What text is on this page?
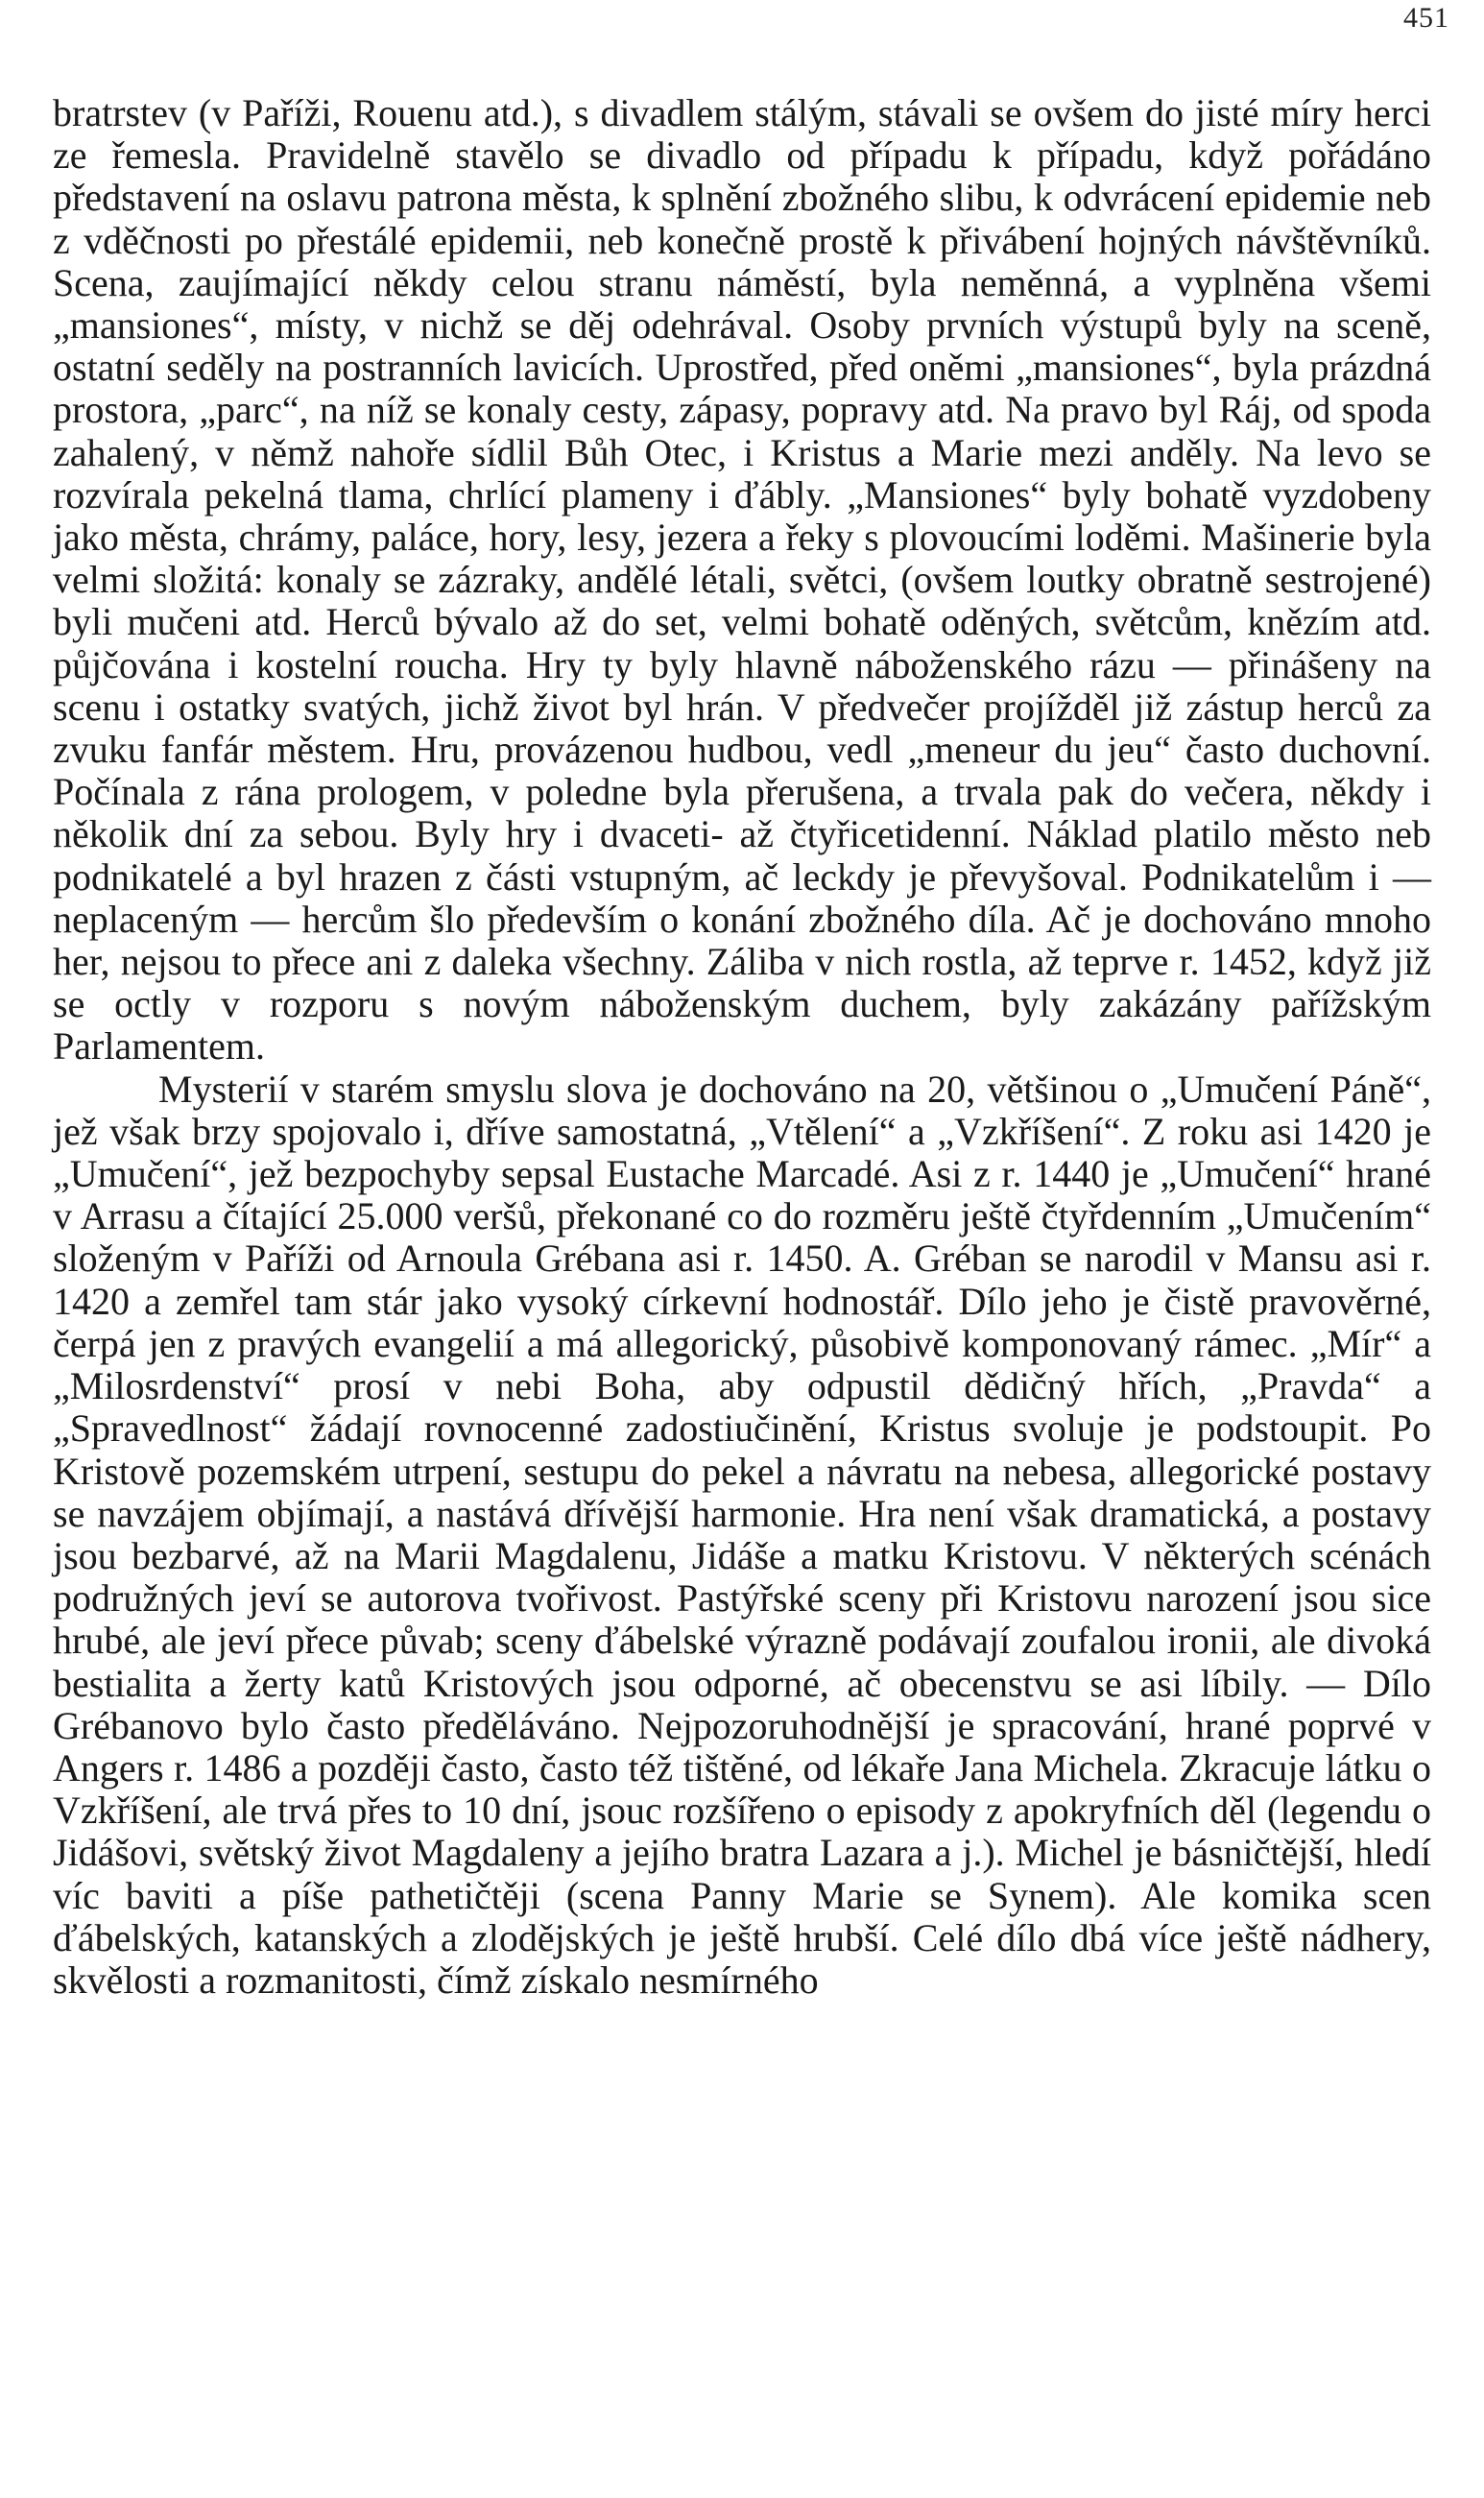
451

bratrstev (v Paříži, Rouenu atd.), s divadlem stálým, stávali se ovšem do jisté míry herci ze řemesla. Pravidelně stavělo se divadlo od případu k případu, když pořádáno představení na oslavu patrona města, k splnění zbožného slibu, k odvrácení epidemie neb z vděčnosti po přestálé epidemii, neb konečně prostě k přivábení hojných návštěvníků. Scena, zaujímající někdy celou stranu náměstí, byla neměnná, a vyplněna všemi „mansiones“, místy, v nichž se děj odehrával. Osoby prvních výstupů byly na sceně, ostatní seděly na postranních lavicích. Uprostřed, před oněmi „mansiones“, byla prázdná prostora, „parc“, na níž se konaly cesty, zápasy, popravy atd. Na pravo byl Ráj, od spoda zahalený, v němž nahoře sídlil Bůh Otec, i Kristus a Marie mezi anděly. Na levo se rozvírala pekelná tlama, chrlící plameny i ďábly. „Mansiones“ byly bohatě vyzdobeny jako města, chrámy, paláce, hory, lesy, jezera a řeky s plovoucími loděmi. Mašinerie byla velmi složitá: konaly se zázraky, andělé létali, světci, (ovšem loutky obratně sestrojené) byli mučeni atd. Herců bývalo až do set, velmi bohatě oděných, světcům, knězím atd. půjčována i kostelní roucha. Hry ty byly hlavně náboženského rázu — přinášeny na scenu i ostatky svatých, jichž život byl hrán. V předvečer projížděl již zástup herců za zvuku fanfár městem. Hru, provázenou hudbou, vedl „meneur du jeu“ často duchovní. Počínala z rána prologem, v poledne byla přerušena, a trvala pak do večera, někdy i několik dní za sebou. Byly hry i dvaceti- až čtyřicetidenní. Náklad platilo město neb podnikatelé a byl hrazen z části vstupným, ač leckdy je převyšoval. Podnikatelům i — neplaceným — hercům šlo především o konání zbožného díla. Ač je dochováno mnoho her, nejsou to přece ani z daleka všechny. Záliba v nich rostla, až teprve r. 1452, když již se octly v rozporu s novým náboženským duchem, byly zakázány pařížským Parlamentem.

Mysterií v starém smyslu slova je dochováno na 20, většinou o „Umučení Páně“, jež však brzy spojovalo i, dříve samostatná, „Vtělení“ a „Vzkříšení“. Z roku asi 1420 je „Umučení“, jež bezpochyby sepsal Eustache Marcadé. Asi z r. 1440 je „Umučení“ hrané v Arrasu a čítající 25.000 veršů, překonané co do rozměru ještě čtyřdenním „Umučením“ složeným v Paříži od Arnoula Grébana asi r. 1450. A. Gréban se narodil v Mansu asi r. 1420 a zemřel tam stár jako vysoký církevní hodnostář. Dílo jeho je čistě pravověrné, čerpá jen z pravých evangelií a má allegorický, působivě komponovaný rámec. „Mír“ a „Milosrdenství“ prosí v nebi Boha, aby odpustil dědičný hřích, „Pravda“ a „Spravedlnost“ žádají rovnocenné zadostiučinění, Kristus svoluje je podstoupit. Po Kristově pozemském utrpení, sestupu do pekel a návratu na nebesa, allegorické postavy se navzájem objímají, a nastává dřívější harmonie. Hra není však dramatická, a postavy jsou bezbarvé, až na Marii Magdalenu, Jidáše a matku Kristovu. V některých scénách podružných jeví se autorova tvořivost. Pastýřské sceny při Kristovu narození jsou sice hrubé, ale jeví přece půvab; sceny ďábelské výrazně podávají zoufalou ironii, ale divoká bestialita a žerty katů Kristových jsou odporné, ač obecenstvu se asi líbily. — Dílo Grébanovo bylo často předěláváno. Nejpozoruhodnější je spracování, hrané poprvé v Angers r. 1486 a později často, často též tištěné, od lékaře Jana Michela. Zkracuje látku o Vzkříšení, ale trvá přes to 10 dní, jsouc rozšířeno o episody z apokryfních děl (legendu o Jidášovi, světský život Magdaleny a jejího bratra Lazara a j.). Michel je básničtější, hledí víc baviti a píše pathetičtěji (scena Panny Marie se Synem). Ale komika scen ďábelských, katanských a zlodějských je ještě hrubší. Celé dílo dbá více ještě nádhery, skvělosti a rozmanitosti, čímž získalo nesmírného
